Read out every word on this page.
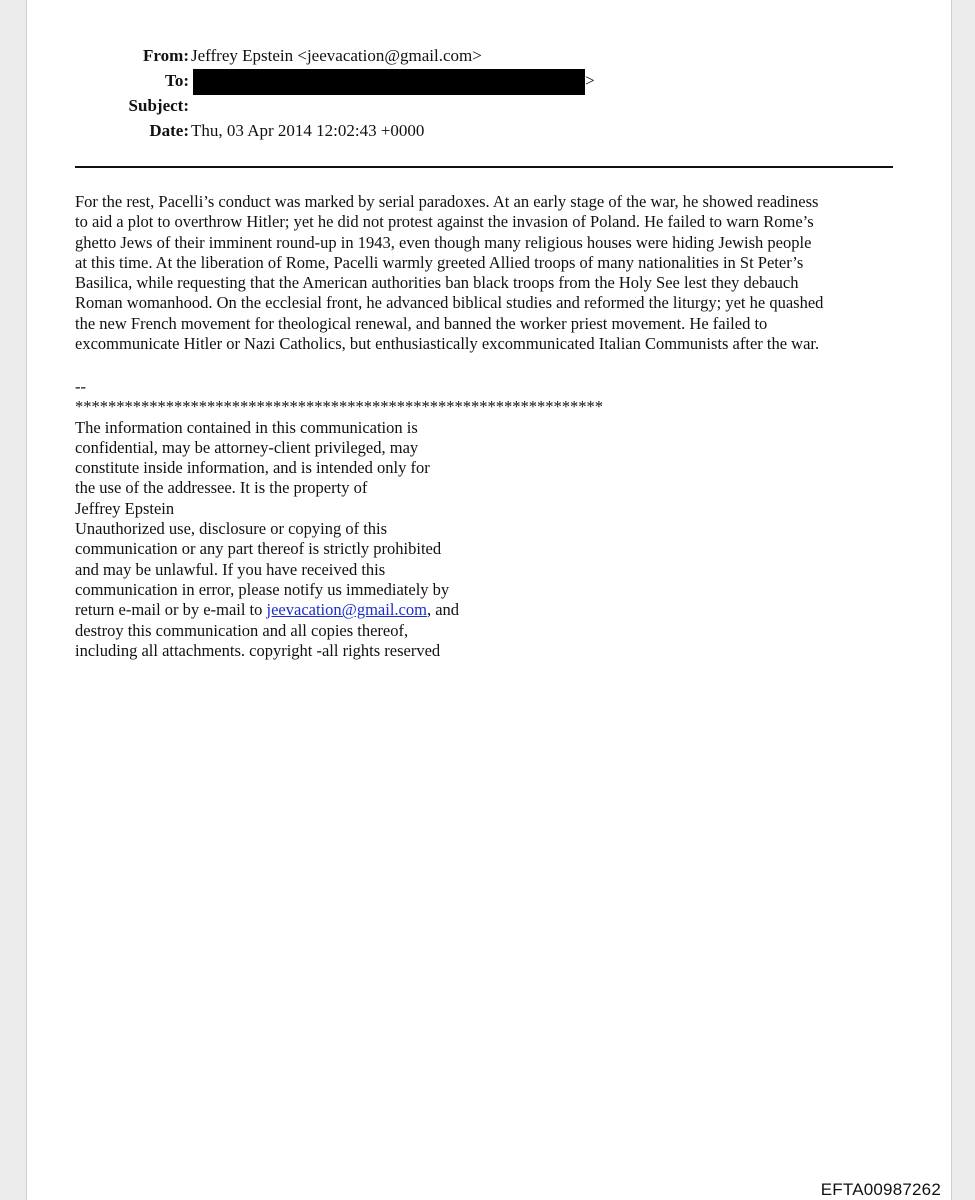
From: Jeffrey Epstein <jeevacation@gmail.com>
To:	>
Subject:
Date: Thu, 03 Apr 2014 12:02:43 +0000
For the rest, Pacelli’s conduct was marked by serial paradoxes. At an early stage of the war, he showed readiness
to aid a plot to overthrow Hitler; yet he did not protest against the invasion of Poland. He failed to warn Rome’s
ghetto Jews of their imminent round-up in 1943, even though many religious houses were hiding Jewish people
at this time. At the liberation of Rome, Pacelli warmly greeted Allied troops of many nationalities in St Peter’s
Basilica, while requesting that the American authorities ban black troops from the Holy See lest they debauch
Roman womanhood. On the ecclesial front, he advanced biblical studies and reformed the liturgy; yet he quashed
the new French movement for theological renewal, and banned the worker priest movement. He failed to
excommunicate Hitler or Nazi Catholics, but enthusiastically excommunicated Italian Communists after the war.
--
****************************************************************
The information contained in this communication is
confidential, may be attorney-client privileged, may
constitute inside information, and is intended only for
the use of the addressee. It is the property of
Jeffrey Epstein
Unauthorized use, disclosure or copying of this
communication or any part thereof is strictly prohibited
and may be unlawful. If you have received this
communication in error, please notify us immediately by
return e-mail or by e-mail to jeevacation@gmail.com, and
destroy this communication and all copies thereof,
including all attachments. copyright -all rights reserved
EFTA00987262
